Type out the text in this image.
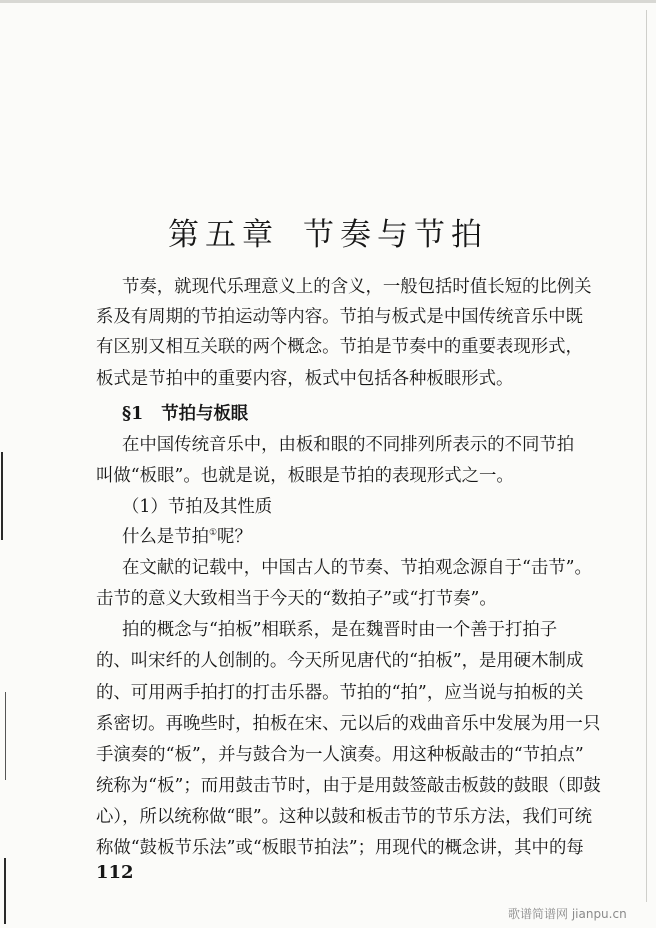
第五章 节奏与节拍
节奏，就现代乐理意义上的含义，一般包括时值长短的比例关
系及有周期的节拍运动等内容。节拍与板式是中国传统音乐中既
有区别又相互关联的两个概念。节拍是节奏中的重要表现形式，
板式是节拍中的重要内容，板式中包括各种板眼形式。
§1 节拍与板眼
在中国传统音乐中，由板和眼的不同排列所表示的不同节拍
叫做“板眼”。也就是说，板眼是节拍的表现形式之一。
（1）节拍及其性质
什么是节拍①呢？
在文献的记载中，中国古人的节奏、节拍观念源自于“击节”。
击节的意义大致相当于今天的“数拍子”或“打节奏”。
拍的概念与“拍板”相联系，是在魏晋时由一个善于打拍子
的、叫宋纤的人创制的。今天所见唐代的“拍板”，是用硬木制成
的、可用两手拍打的打击乐器。节拍的“拍”，应当说与拍板的关
系密切。再晚些时，拍板在宋、元以后的戏曲音乐中发展为用一只
手演奏的“板”，并与鼓合为一人演奏。用这种板敲击的“节拍点”
统称为“板”；而用鼓击节时，由于是用鼓签敲击板鼓的鼓眼（即鼓
心），所以统称做“眼”。这种以鼓和板击节的节乐方法，我们可统
称做“鼓板节乐法”或“板眼节拍法”；用现代的概念讲，其中的每
112
歌谱简谱网 jianpu.cn
